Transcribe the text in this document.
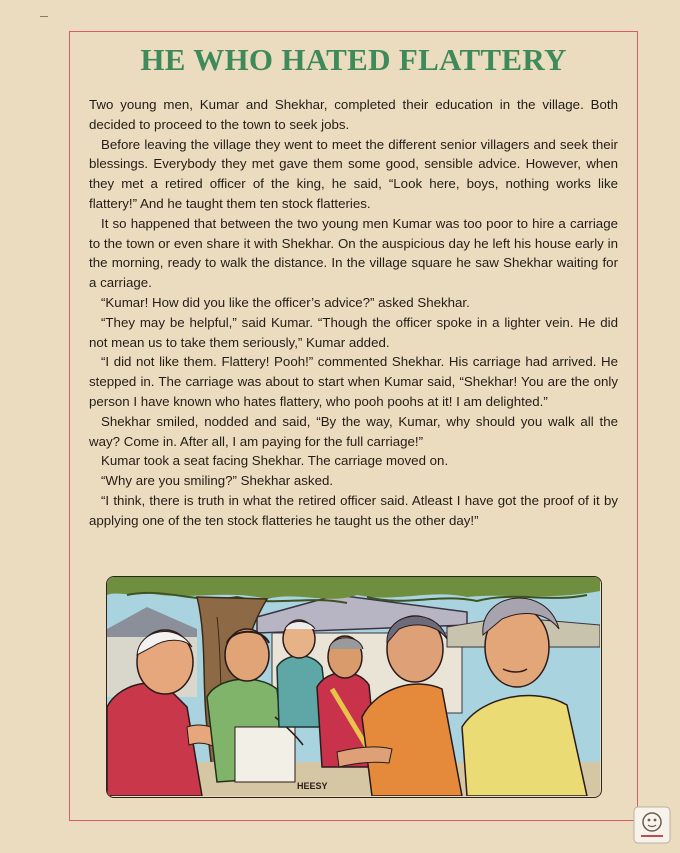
HE WHO HATED FLATTERY

Two young men, Kumar and Shekhar, completed their education in the village. Both decided to proceed to the town to seek jobs.

Before leaving the village they went to meet the different senior villagers and seek their blessings. Everybody they met gave them some good, sensible advice. However, when they met a retired officer of the king, he said, “Look here, boys, nothing works like flattery!” And he taught them ten stock flatteries.

It so happened that between the two young men Kumar was too poor to hire a carriage to the town or even share it with Shekhar. On the auspicious day he left his house early in the morning, ready to walk the distance. In the village square he saw Shekhar waiting for a carriage.

“Kumar! How did you like the officer’s advice?” asked Shekhar.

“They may be helpful,” said Kumar. “Though the officer spoke in a lighter vein. He did not mean us to take them seriously,” Kumar added.

“I did not like them. Flattery! Pooh!” commented Shekhar. His carriage had arrived. He stepped in. The carriage was about to start when Kumar said, “Shekhar! You are the only person I have known who hates flattery, who pooh poohs at it! I am delighted.”

Shekhar smiled, nodded and said, “By the way, Kumar, why should you walk all the way? Come in. After all, I am paying for the full carriage!”

Kumar took a seat facing Shekhar. The carriage moved on.

“Why are you smiling?” Shekhar asked.

“I think, there is truth in what the retired officer said. Atleast I have got the proof of it by applying one of the ten stock flatteries he taught us the other day!”

HEESY
